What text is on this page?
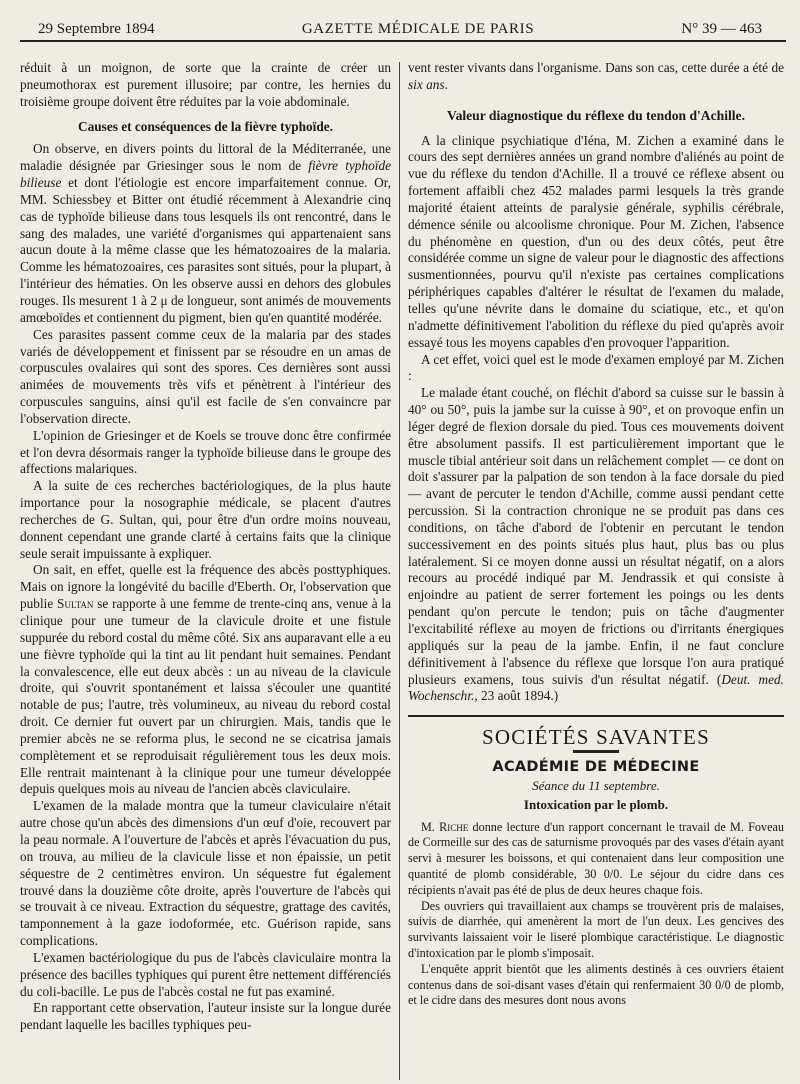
29 Septembre 1894	GAZETTE MÉDICALE DE PARIS	N° 39 — 463

réduit à un moignon, de sorte que la crainte de créer un pneumothorax est purement illusoire; par contre, les hernies du troisième groupe doivent être réduites par la voie abdominale.

Causes et conséquences de la fièvre typhoïde.

On observe, en divers points du littoral de la Méditerranée, une maladie désignée par Griesinger sous le nom de fièvre typhoïde bilieuse et dont l'étiologie est encore imparfaitement connue. Or, MM. Schiessbey et Bitter ont étudié récemment à Alexandrie cinq cas de typhoïde bilieuse dans tous lesquels ils ont rencontré, dans le sang des malades, une variété d'organismes qui appartenaient sans aucun doute à la même classe que les hématozoaires de la malaria. Comme les hématozoaires, ces parasites sont situés, pour la plupart, à l'intérieur des hématies. On les observe aussi en dehors des globules rouges. Ils mesurent 1 à 2 μ de longueur, sont animés de mouvements amœboïdes et contiennent du pigment, bien qu'en quantité modérée.

Ces parasites passent comme ceux de la malaria par des stades variés de développement et finissent par se résoudre en un amas de corpuscules ovalaires qui sont des spores. Ces dernières sont aussi animées de mouvements très vifs et pénètrent à l'intérieur des corpuscules sanguins, ainsi qu'il est facile de s'en convaincre par l'observation directe.

L'opinion de Griesinger et de Koels se trouve donc être confirmée et l'on devra désormais ranger la typhoïde bilieuse dans le groupe des affections malariques.

A la suite de ces recherches bactériologiques, de la plus haute importance pour la nosographie médicale, se placent d'autres recherches de G. Sultan, qui, pour être d'un ordre moins nouveau, donnent cependant une grande clarté à certains faits que la clinique seule serait impuissante à expliquer.

On sait, en effet, quelle est la fréquence des abcès posttyphiques. Mais on ignore la longévité du bacille d'Eberth. Or, l'observation que publie Sultan se rapporte à une femme de trente-cinq ans, venue à la clinique pour une tumeur de la clavicule droite et une fistule suppurée du rebord costal du même côté. Six ans auparavant elle a eu une fièvre typhoïde qui la tint au lit pendant huit semaines. Pendant la convalescence, elle eut deux abcès : un au niveau de la clavicule droite, qui s'ouvrit spontanément et laissa s'écouler une quantité notable de pus; l'autre, très volumineux, au niveau du rebord costal droit. Ce dernier fut ouvert par un chirurgien. Mais, tandis que le premier abcès ne se reforma plus, le second ne se cicatrisa jamais complètement et se reproduisait régulièrement tous les deux mois. Elle rentrait maintenant à la clinique pour une tumeur développée depuis quelques mois au niveau de l'ancien abcès claviculaire.

L'examen de la malade montra que la tumeur claviculaire n'était autre chose qu'un abcès des dimensions d'un œuf d'oie, recouvert par la peau normale. A l'ouverture de l'abcès et après l'évacuation du pus, on trouva, au milieu de la clavicule lisse et non épaissie, un petit séquestre de 2 centimètres environ. Un séquestre fut également trouvé dans la douzième côte droite, après l'ouverture de l'abcès qui se trouvait à ce niveau. Extraction du séquestre, grattage des cavités, tamponnement à la gaze iodoformée, etc. Guérison rapide, sans complications.

L'examen bactériologique du pus de l'abcès claviculaire montra la présence des bacilles typhiques qui purent être nettement différenciés du coli-bacille. Le pus de l'abcès costal ne fut pas examiné.

En rapportant cette observation, l'auteur insiste sur la longue durée pendant laquelle les bacilles typhiques peu-

vent rester vivants dans l'organisme. Dans son cas, cette durée a été de six ans.

Valeur diagnostique du réflexe du tendon d'Achille.

A la clinique psychiatique d'Iéna, M. Zichen a examiné dans le cours des sept dernières années un grand nombre d'aliénés au point de vue du réflexe du tendon d'Achille. Il a trouvé ce réflexe absent ou fortement affaibli chez 452 malades parmi lesquels la très grande majorité étaient atteints de paralysie générale, syphilis cérébrale, démence sénile ou alcoolisme chronique. Pour M. Zichen, l'absence du phénomène en question, d'un ou des deux côtés, peut être considérée comme un signe de valeur pour le diagnostic des affections susmentionnées, pourvu qu'il n'existe pas certaines complications périphériques capables d'altérer le résultat de l'examen du malade, telles qu'une névrite dans le domaine du sciatique, etc., et qu'on n'admette définitivement l'abolition du réflexe du pied qu'après avoir essayé tous les moyens capables d'en provoquer l'apparition.

A cet effet, voici quel est le mode d'examen employé par M. Zichen :

Le malade étant couché, on fléchit d'abord sa cuisse sur le bassin à 40° ou 50°, puis la jambe sur la cuisse à 90°, et on provoque enfin un léger degré de flexion dorsale du pied. Tous ces mouvements doivent être absolument passifs. Il est particulièrement important que le muscle tibial antérieur soit dans un relâchement complet — ce dont on doit s'assurer par la palpation de son tendon à la face dorsale du pied — avant de percuter le tendon d'Achille, comme aussi pendant cette percussion. Si la contraction chronique ne se produit pas dans ces conditions, on tâche d'abord de l'obtenir en percutant le tendon successivement en des points situés plus haut, plus bas ou plus latéralement. Si ce moyen donne aussi un résultat négatif, on a alors recours au procédé indiqué par M. Jendrassik et qui consiste à enjoindre au patient de serrer fortement les poings ou les dents pendant qu'on percute le tendon; puis on tâche d'augmenter l'excitabilité réflexe au moyen de frictions ou d'irritants énergiques appliqués sur la peau de la jambe. Enfin, il ne faut conclure définitivement à l'absence du réflexe que lorsque l'on aura pratiqué plusieurs examens, tous suivis d'un résultat négatif. (Deut. med. Wochenschr., 23 août 1894.)

SOCIÉTÉS SAVANTES
ACADÉMIE DE MÉDECINE
Séance du 11 septembre.
Intoxication par le plomb.

M. Riche donne lecture d'un rapport concernant le travail de M. Foveau de Cormeille sur des cas de saturnisme provoqués par des vases d'étain ayant servi à mesurer les boissons, et qui contenaient dans leur composition une quantité de plomb considérable, 30 0/0. Le séjour du cidre dans ces récipients n'avait pas été de plus de deux heures chaque fois.

Des ouvriers qui travaillaient aux champs se trouvèrent pris de malaises, suivis de diarrhée, qui amenèrent la mort de l'un deux. Les gencives des survivants laissaient voir le liseré plombique caractéristique. Le diagnostic d'intoxication par le plomb s'imposait.

L'enquête apprit bientôt que les aliments destinés à ces ouvriers étaient contenus dans de soi-disant vases d'étain qui renfermaient 30 0/0 de plomb, et le cidre dans des mesures dont nous avons
